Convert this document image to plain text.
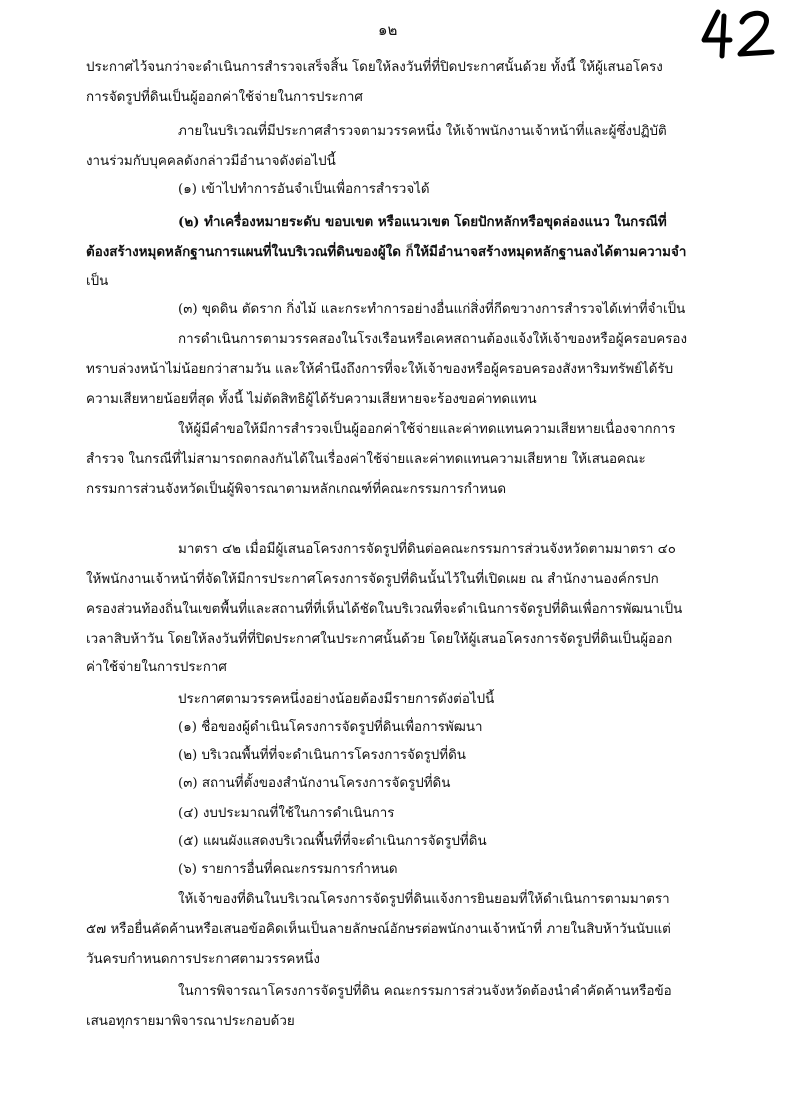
๑๒
ประกาศไว้จนกว่าจะดำเนินการสำรวจเสร็จสิ้น โดยให้ลงวันที่ที่ปิดประกาศนั้นด้วย ทั้งนี้ ให้ผู้เสนอโครง
การจัดรูปที่ดินเป็นผู้ออกค่าใช้จ่ายในการประกาศ
ภายในบริเวณที่มีประกาศสำรวจตามวรรคหนึ่ง ให้เจ้าพนักงานเจ้าหน้าที่และผู้ซึ่งปฏิบัติ
งานร่วมกับบุคคลดังกล่าวมีอำนาจดังต่อไปนี้
(๑) เข้าไปทำการอันจำเป็นเพื่อการสำรวจได้
(๒) ทำเครื่องหมายระดับ ขอบเขต หรือแนวเขต โดยปักหลักหรือขุดล่องแนว ในกรณีที่
ต้องสร้างหมุดหลักฐานการแผนที่ในบริเวณที่ดินของผู้ใด ก็ให้มีอำนาจสร้างหมุดหลักฐานลงได้ตามความจำ
เป็น
(๓) ขุดดิน ตัดราก กิ่งไม้ และกระทำการอย่างอื่นแก่สิ่งที่กีดขวางการสำรวจได้เท่าที่จำเป็น
การดำเนินการตามวรรคสองในโรงเรือนหรือเคหสถานต้องแจ้งให้เจ้าของหรือผู้ครอบครอง
ทราบล่วงหน้าไม่น้อยกว่าสามวัน และให้คำนึงถึงการที่จะให้เจ้าของหรือผู้ครอบครองสังหาริมทรัพย์ได้รับ
ความเสียหายน้อยที่สุด ทั้งนี้ ไม่ตัดสิทธิผู้ได้รับความเสียหายจะร้องขอค่าทดแทน
ให้ผู้มีคำขอให้มีการสำรวจเป็นผู้ออกค่าใช้จ่ายและค่าทดแทนความเสียหายเนื่องจากการ
สำรวจ ในกรณีที่ไม่สามารถตกลงกันได้ในเรื่องค่าใช้จ่ายและค่าทดแทนความเสียหาย ให้เสนอคณะ
กรรมการส่วนจังหวัดเป็นผู้พิจารณาตามหลักเกณฑ์ที่คณะกรรมการกำหนด
มาตรา ๔๒ เมื่อมีผู้เสนอโครงการจัดรูปที่ดินต่อคณะกรรมการส่วนจังหวัดตามมาตรา ๔๐
ให้พนักงานเจ้าหน้าที่จัดให้มีการประกาศโครงการจัดรูปที่ดินนั้นไว้ในที่เปิดเผย ณ สำนักงานองค์กรปก
ครองส่วนท้องถิ่นในเขตพื้นที่และสถานที่ที่เห็นได้ชัดในบริเวณที่จะดำเนินการจัดรูปที่ดินเพื่อการพัฒนาเป็น
เวลาสิบห้าวัน โดยให้ลงวันที่ที่ปิดประกาศในประกาศนั้นด้วย โดยให้ผู้เสนอโครงการจัดรูปที่ดินเป็นผู้ออก
ค่าใช้จ่ายในการประกาศ
ประกาศตามวรรคหนึ่งอย่างน้อยต้องมีรายการดังต่อไปนี้
(๑) ชื่อของผู้ดำเนินโครงการจัดรูปที่ดินเพื่อการพัฒนา
(๒) บริเวณพื้นที่ที่จะดำเนินการโครงการจัดรูปที่ดิน
(๓) สถานที่ตั้งของสำนักงานโครงการจัดรูปที่ดิน
(๔) งบประมาณที่ใช้ในการดำเนินการ
(๕) แผนผังแสดงบริเวณพื้นที่ที่จะดำเนินการจัดรูปที่ดิน
(๖) รายการอื่นที่คณะกรรมการกำหนด
ให้เจ้าของที่ดินในบริเวณโครงการจัดรูปที่ดินแจ้งการยินยอมที่ให้ดำเนินการตามมาตรา
๕๗ หรือยื่นคัดค้านหรือเสนอข้อคิดเห็นเป็นลายลักษณ์อักษรต่อพนักงานเจ้าหน้าที่ ภายในสิบห้าวันนับแต่
วันครบกำหนดการประกาศตามวรรคหนึ่ง
ในการพิจารณาโครงการจัดรูปที่ดิน คณะกรรมการส่วนจังหวัดต้องนำคำคัดค้านหรือข้อ
เสนอทุกรายมาพิจารณาประกอบด้วย
